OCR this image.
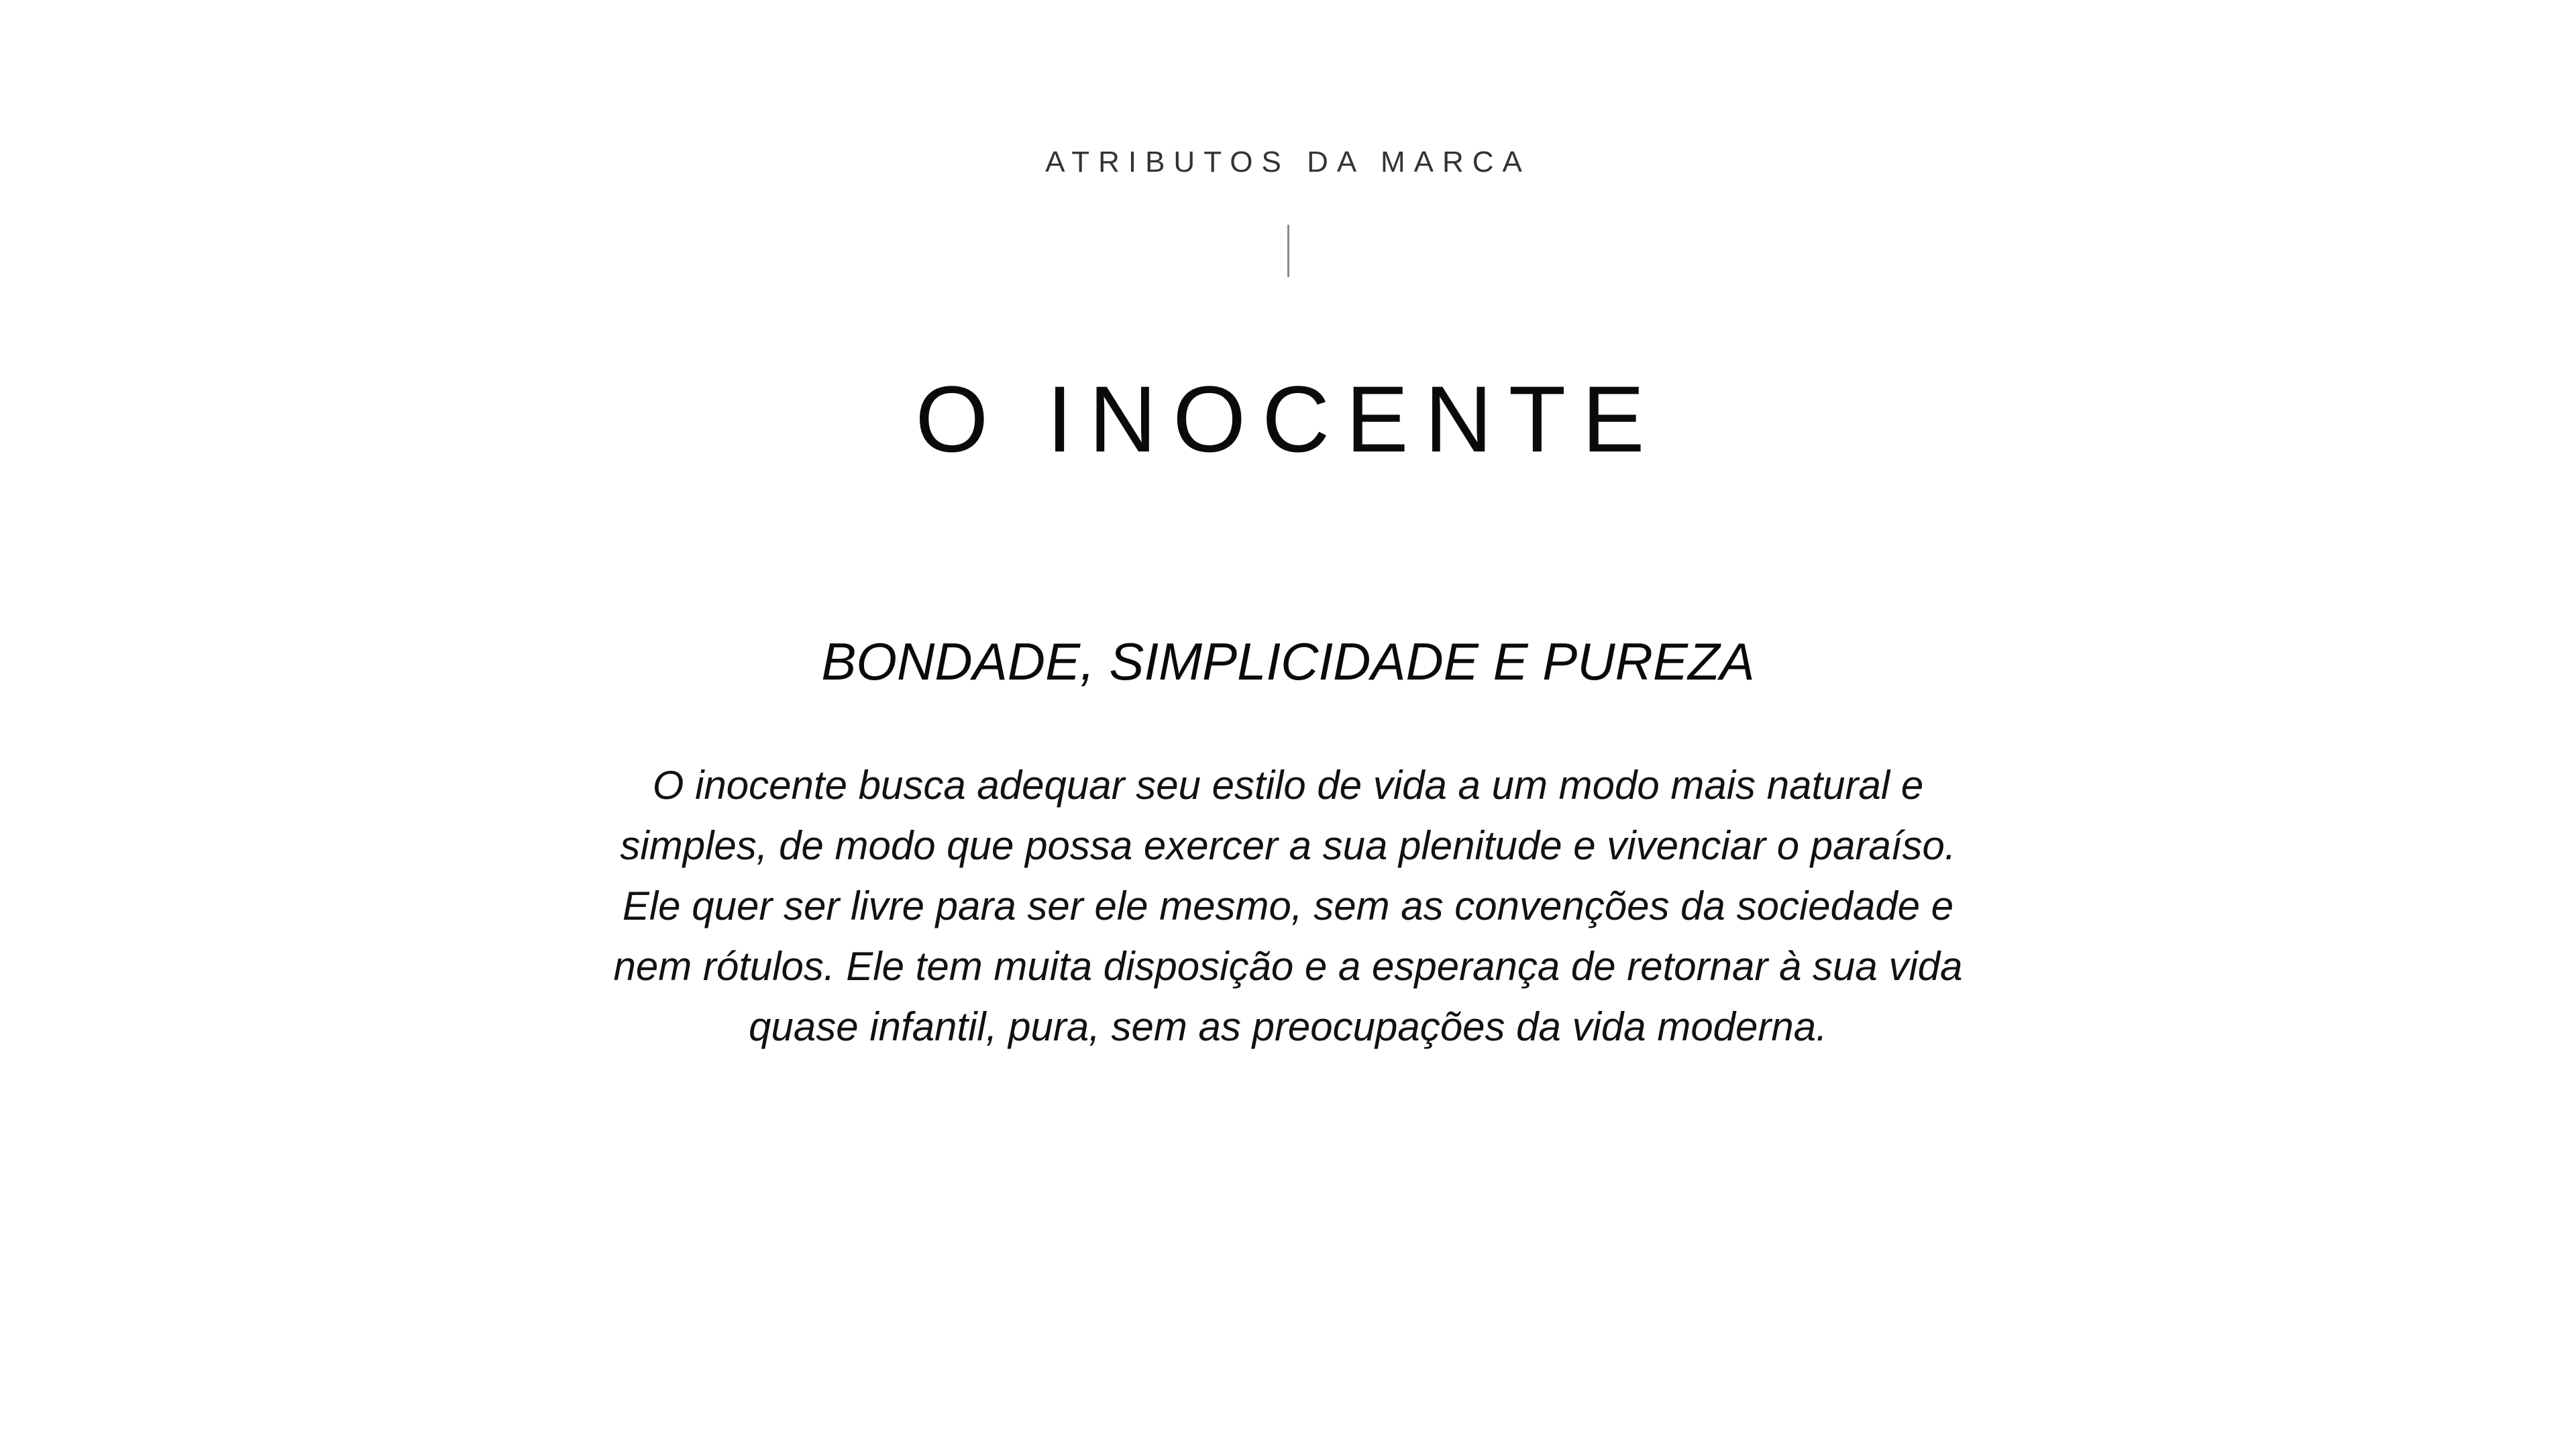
ATRIBUTOS DA MARCA
O INOCENTE
BONDADE, SIMPLICIDADE E PUREZA
O inocente busca adequar seu estilo de vida a um modo mais natural e
simples, de modo que possa exercer a sua plenitude e vivenciar o paraíso.
Ele quer ser livre para ser ele mesmo, sem as convenções da sociedade e
nem rótulos. Ele tem muita disposição e a esperança de retornar à sua vida
quase infantil, pura, sem as preocupações da vida moderna.
